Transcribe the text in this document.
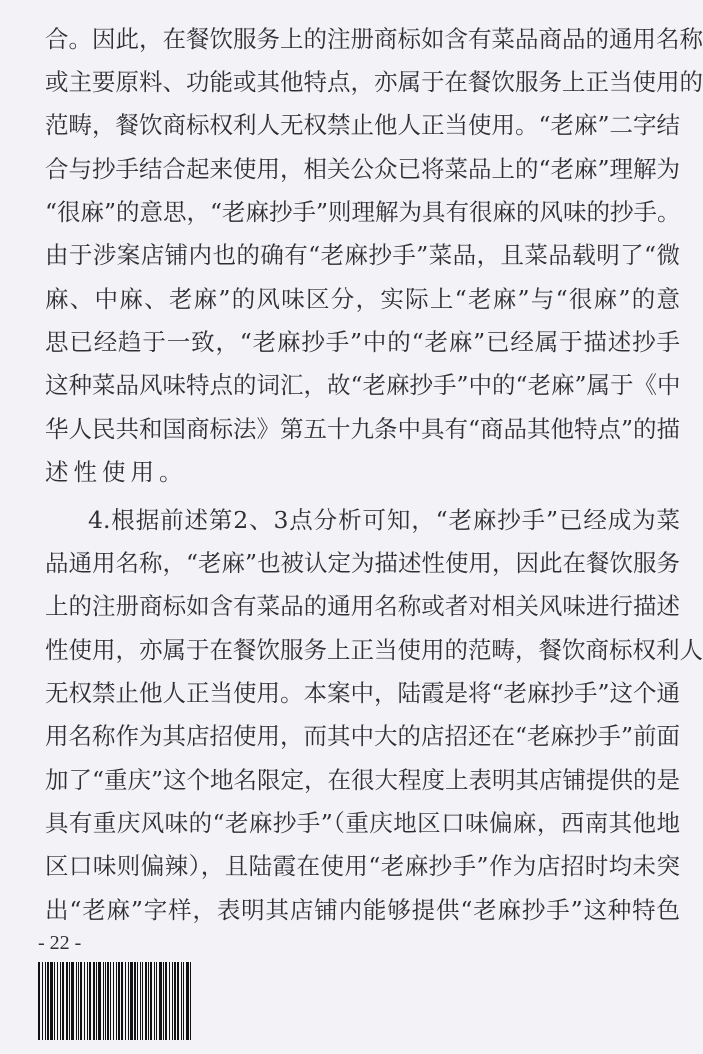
合。因此，在餐饮服务上的注册商标如含有菜品商品的通用名称
或主要原料、功能或其他特点，亦属于在餐饮服务上正当使用的
范畴，餐饮商标权利人无权禁止他人正当使用。“老麻”二字结
合与抄手结合起来使用，相关公众已将菜品上的“老麻”理解为
“很麻”的意思，“老麻抄手”则理解为具有很麻的风味的抄手。
由于涉案店铺内也的确有“老麻抄手”菜品，且菜品载明了“微
麻、中麻、老麻”的风味区分，实际上“老麻”与“很麻”的意
思已经趋于一致，“老麻抄手”中的“老麻”已经属于描述抄手
这种菜品风味特点的词汇，故“老麻抄手”中的“老麻”属于《中
华人民共和国商标法》第五十九条中具有“商品其他特点”的描
述性使用。
4.根据前述第2、3点分析可知，“老麻抄手”已经成为菜
品通用名称，“老麻”也被认定为描述性使用，因此在餐饮服务
上的注册商标如含有菜品的通用名称或者对相关风味进行描述
性使用，亦属于在餐饮服务上正当使用的范畴，餐饮商标权利人
无权禁止他人正当使用。本案中，陆霞是将“老麻抄手”这个通
用名称作为其店招使用，而其中大的店招还在“老麻抄手”前面
加了“重庆”这个地名限定，在很大程度上表明其店铺提供的是
具有重庆风味的“老麻抄手”（重庆地区口味偏麻，西南其他地
区口味则偏辣），且陆霞在使用“老麻抄手”作为店招时均未突
出“老麻”字样，表明其店铺内能够提供“老麻抄手”这种特色
- 22 -
